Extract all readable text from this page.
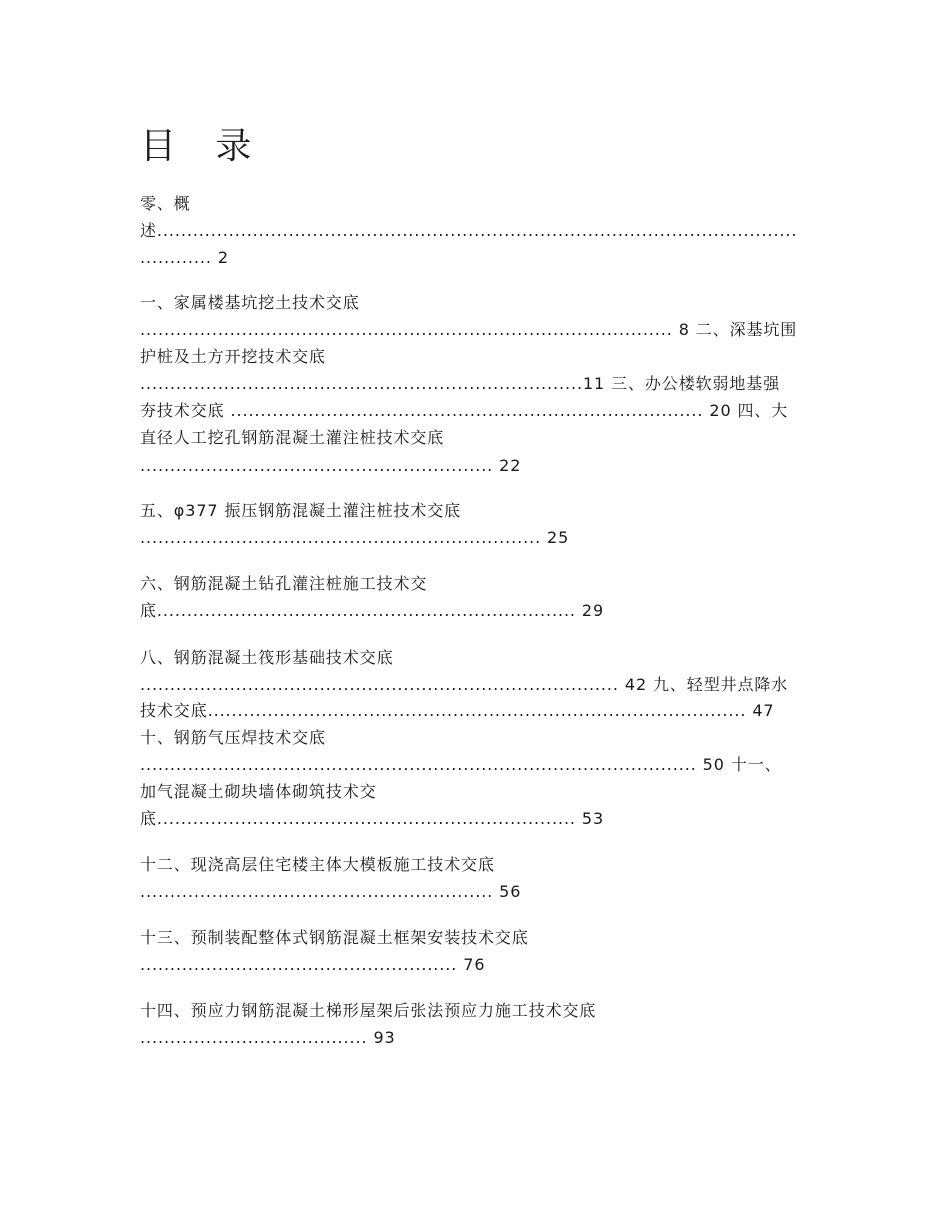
目 录
零、概
述...........................................................................................................
............ 2
一、家属楼基坑挖土技术交底
......................................................................................... 8 二、深基坑围
护桩及土方开挖技术交底
..........................................................................11 三、办公楼软弱地基强
夯技术交底 ............................................................................... 20 四、大
直径人工挖孔钢筋混凝土灌注桩技术交底
........................................................... 22
五、φ377 振压钢筋混凝土灌注桩技术交底
................................................................... 25
六、钢筋混凝土钻孔灌注桩施工技术交
底...................................................................... 29
八、钢筋混凝土筏形基础技术交底
................................................................................ 42 九、轻型井点降水
技术交底.......................................................................................... 47
十、钢筋气压焊技术交底
............................................................................................. 50 十一、
加气混凝土砌块墙体砌筑技术交
底...................................................................... 53
十二、现浇高层住宅楼主体大模板施工技术交底
........................................................... 56
十三、预制装配整体式钢筋混凝土框架安装技术交底
..................................................... 76
十四、预应力钢筋混凝土梯形屋架后张法预应力施工技术交底
...................................... 93
